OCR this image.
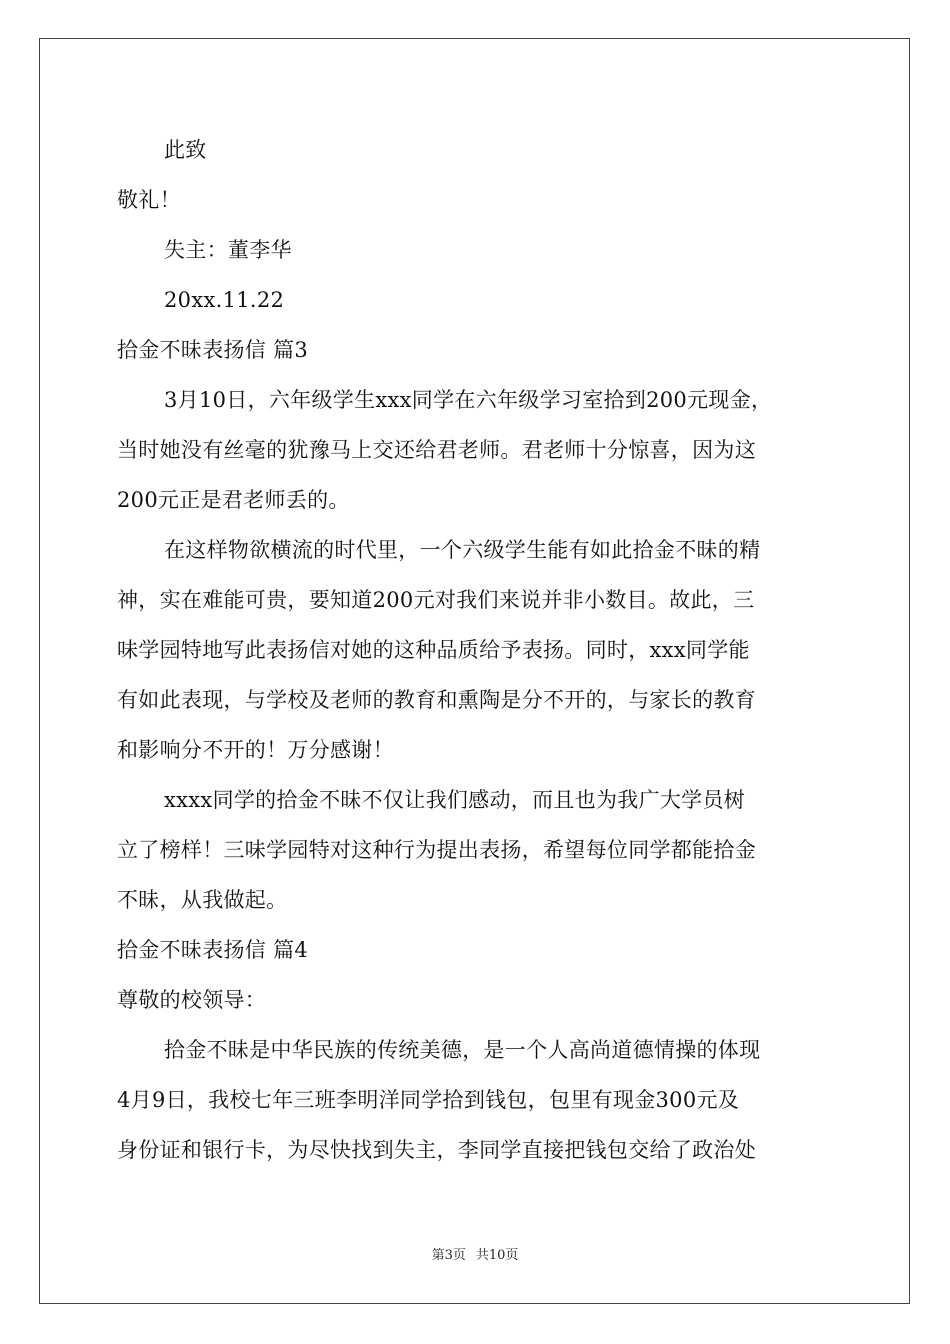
此致
敬礼！
失主：董李华
20xx.11.22
拾金不昧表扬信 篇3
3月10日，六年级学生xxx同学在六年级学习室拾到200元现金，
当时她没有丝毫的犹豫马上交还给君老师。君老师十分惊喜，因为这
200元正是君老师丢的。
在这样物欲横流的时代里，一个六级学生能有如此拾金不昧的精
神，实在难能可贵，要知道200元对我们来说并非小数目。故此，三
味学园特地写此表扬信对她的这种品质给予表扬。同时，xxx同学能
有如此表现，与学校及老师的教育和熏陶是分不开的，与家长的教育
和影响分不开的！万分感谢！
xxxx同学的拾金不昧不仅让我们感动，而且也为我广大学员树
立了榜样！三味学园特对这种行为提出表扬，希望每位同学都能拾金
不昧，从我做起。
拾金不昧表扬信 篇4
尊敬的校领导：
拾金不昧是中华民族的传统美德，是一个人高尚道德情操的体现
4月9日，我校七年三班李明洋同学拾到钱包，包里有现金300元及
身份证和银行卡，为尽快找到失主，李同学直接把钱包交给了政治处
第3页 共10页
